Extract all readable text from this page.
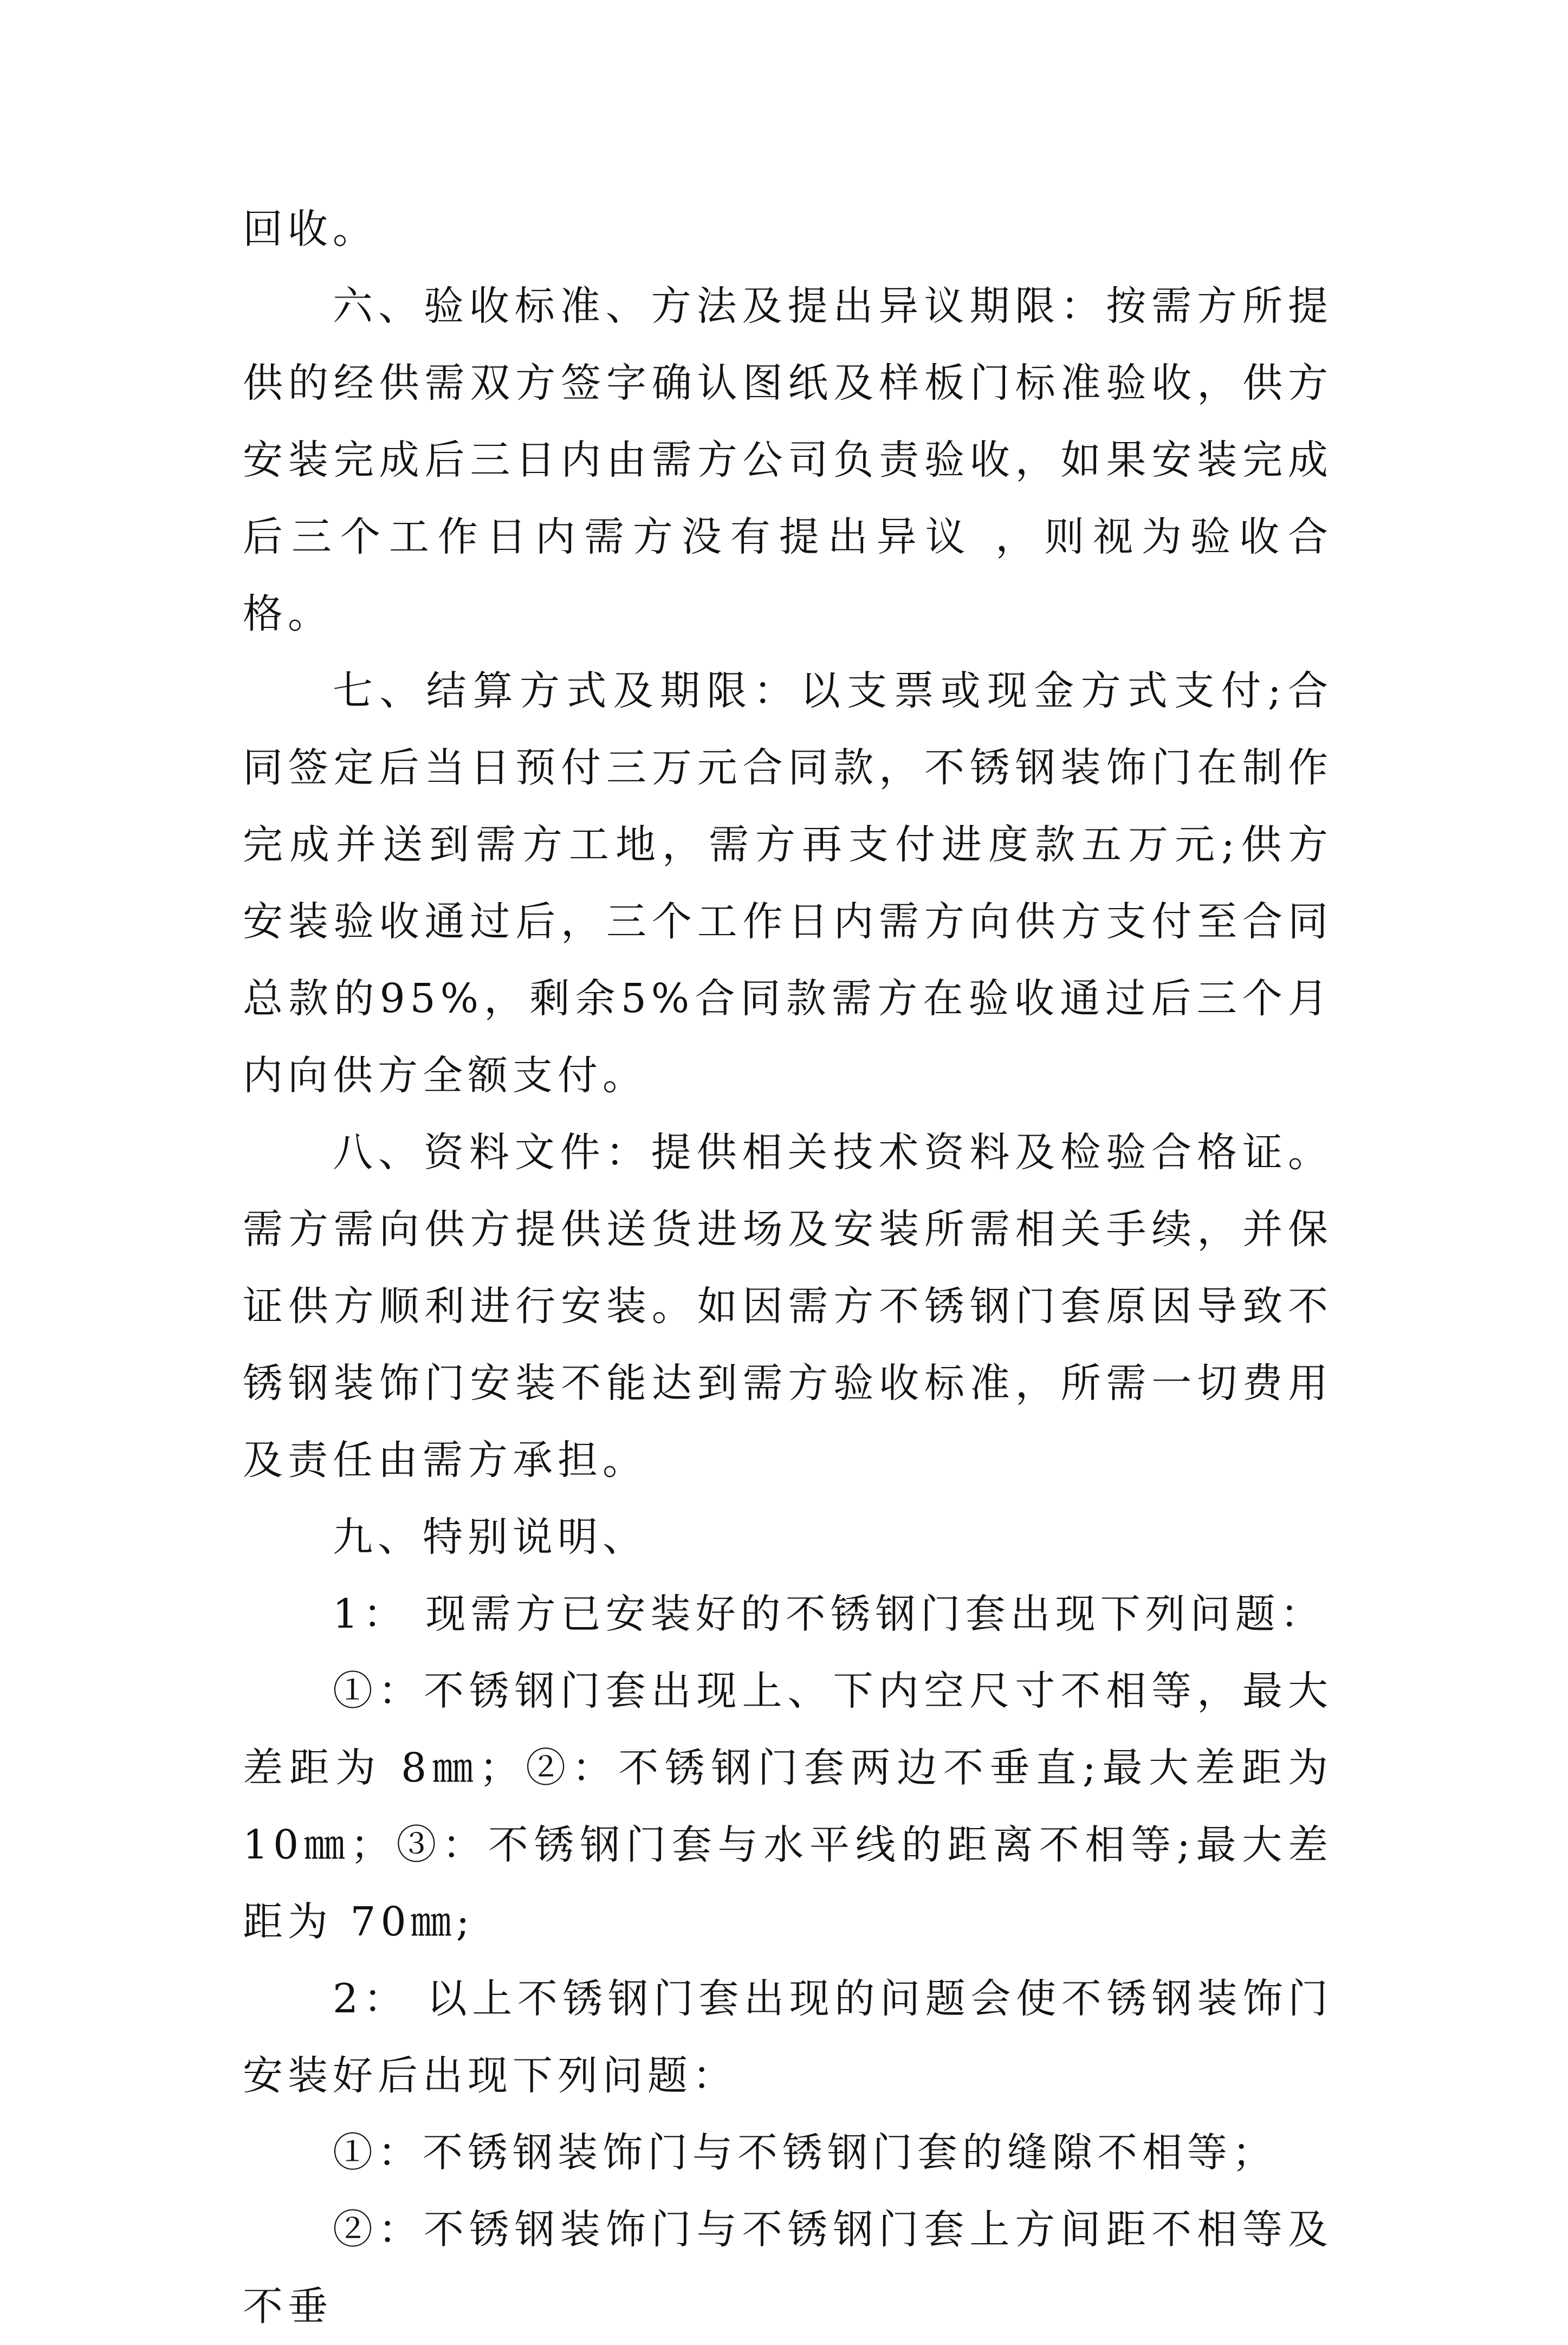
回收。

六、验收标准、方法及提出异议期限：按需方所提供的经供需双方签字确认图纸及样板门标准验收，供方安装完成后三日内由需方公司负责验收，如果安装完成后三个工作日内需方没有提出异议 ，则视为验收合格。

七、结算方式及期限：以支票或现金方式支付;合同签定后当日预付三万元合同款，不锈钢装饰门在制作完成并送到需方工地，需方再支付进度款五万元;供方安装验收通过后，三个工作日内需方向供方支付至合同总款的95%，剩余5%合同款需方在验收通过后三个月内向供方全额支付。

八、资料文件：提供相关技术资料及检验合格证。 需方需向供方提供送货进场及安装所需相关手续，并保证供方顺利进行安装。如因需方不锈钢门套原因导致不锈钢装饰门安装不能达到需方验收标准，所需一切费用及责任由需方承担。

九、特别说明、

1： 现需方已安装好的不锈钢门套出现下列问题：

①：不锈钢门套出现上、下内空尺寸不相等，最大差距为 8㎜；②：不锈钢门套两边不垂直;最大差距为 10㎜；③：不锈钢门套与水平线的距离不相等;最大差距为 70㎜;

2： 以上不锈钢门套出现的问题会使不锈钢装饰门安装好后出现下列问题：

①：不锈钢装饰门与不锈钢门套的缝隙不相等；

②：不锈钢装饰门与不锈钢门套上方间距不相等及不垂
